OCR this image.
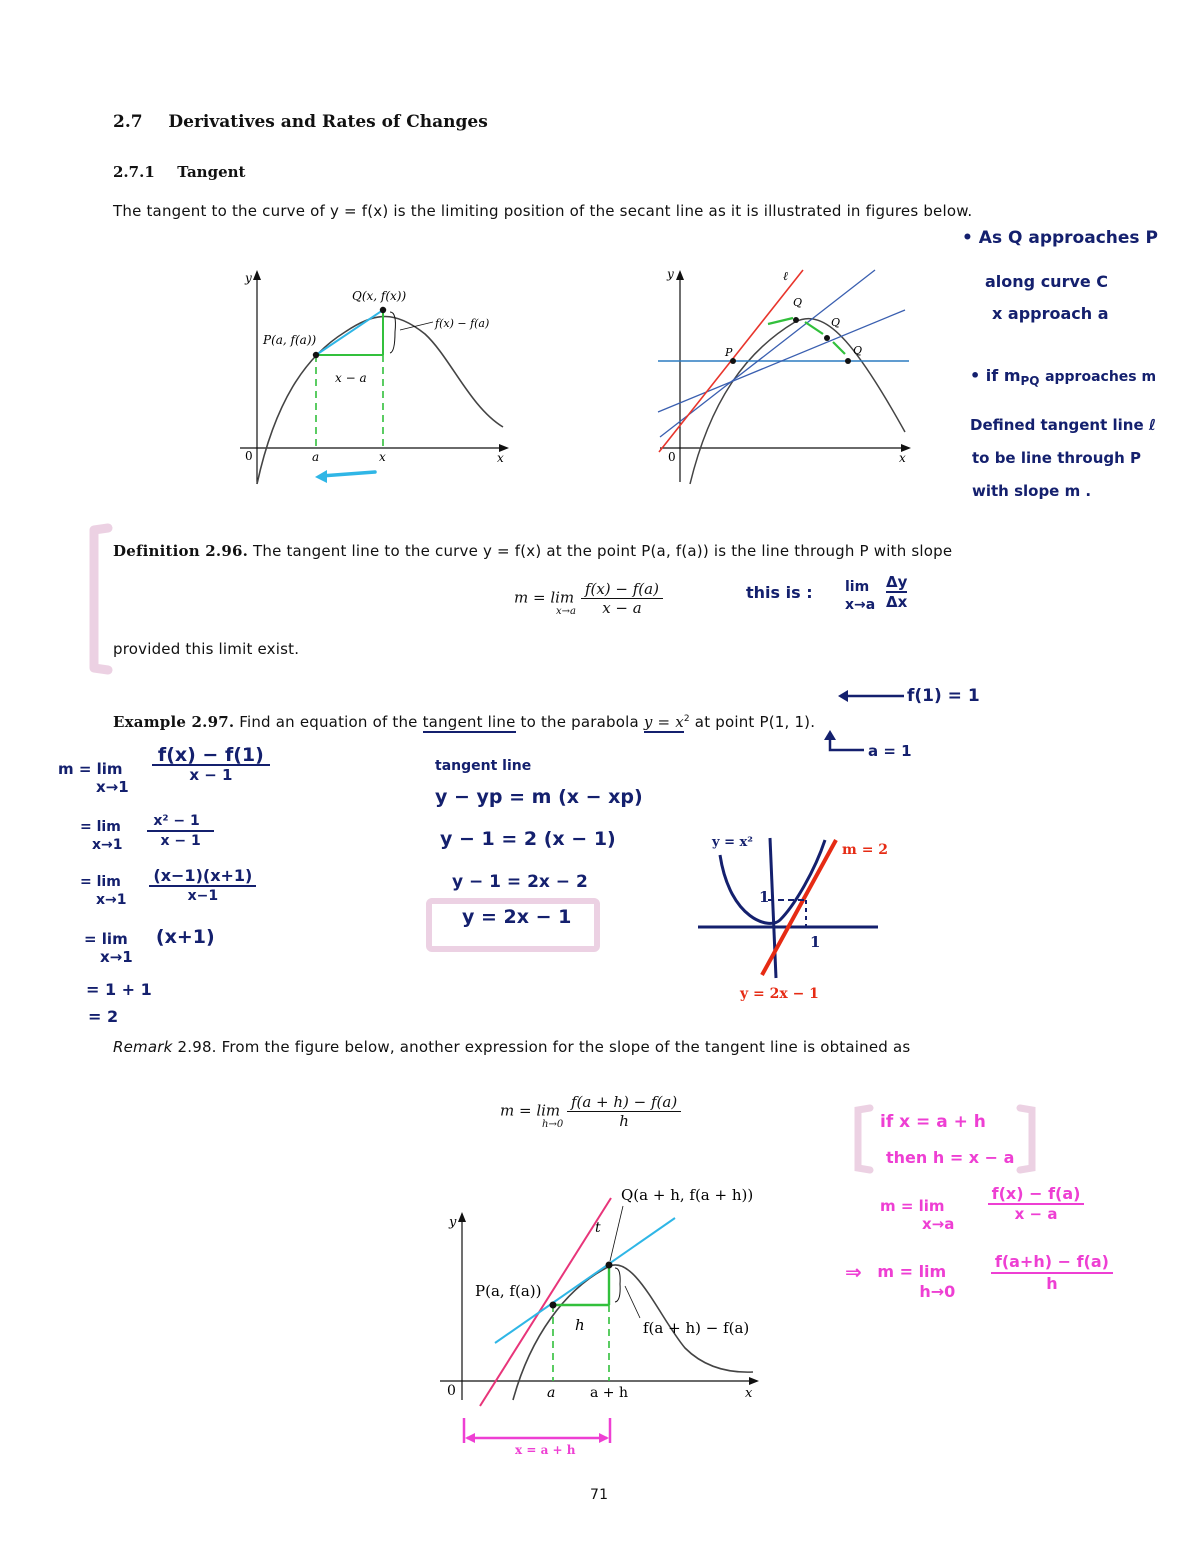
2.7 Derivatives and Rates of Changes
2.7.1 Tangent
The tangent to the curve of y = f(x) is the limiting position of the secant line as it is illustrated in figures below.
y
x
0
Q(x, f(x))
P(a, f(a))
f(x) − f(a)
x − a
a	x
y
x
0
P
Q
Q
Q
ℓ
• As Q approaches P
along curve C
x approach a
• if $m_{PQ}$ approaches m
Defined tangent line ℓ
to be line through P
with slope m .
Definition 2.96. The tangent line to the curve y = f(x) at the point P(a, f(a)) is the line through P with slope
$m = \lim \frac{f(x) - f(a)}{x - a}$
x→a
this is : lim
$x\to a \frac{\Delta y}{\Delta x}$
provided this limit exist.
f(1) = 1
a = 1
Example 2.97. Find an equation of the tangent line to the parabola $y = x^2$ at point P(1, 1).
m = lim
x→1

f(x) − f(1)
x − 1
= lim
x→1
$\frac{\text{x² − 1}}{x - 1}$
= lim
x→1
$\frac{(x-1)(x+1)}{x-1}$
= lim
x→1
(x+1)
= 1 + 1
= 2
tangent line
y − yp = m (x − xp)
y − 1 = 2 (x − 1)
y − 1 = 2x − 2
y = 2x − 1
1
1
y = x²	m = 2
y = 2x − 1
Remark 2.98. From the figure below, another expression for the slope of the tangent line is obtained as
$m = \lim \frac{f(a + h) - f(a)}{h}$
h→0	if x = a + h
then h = x − a
m = lim
x→a

$\frac{f(x) - f(a)}{x - a}$
⇒ m = lim
h→0
$\frac{f(a+h) - f(a)}{h}$
y
x
0
Q(a + h, f(a + h))
P(a, f(a))
t
h	f(a + h) − f(a)
a a + h
x = a + h
71
